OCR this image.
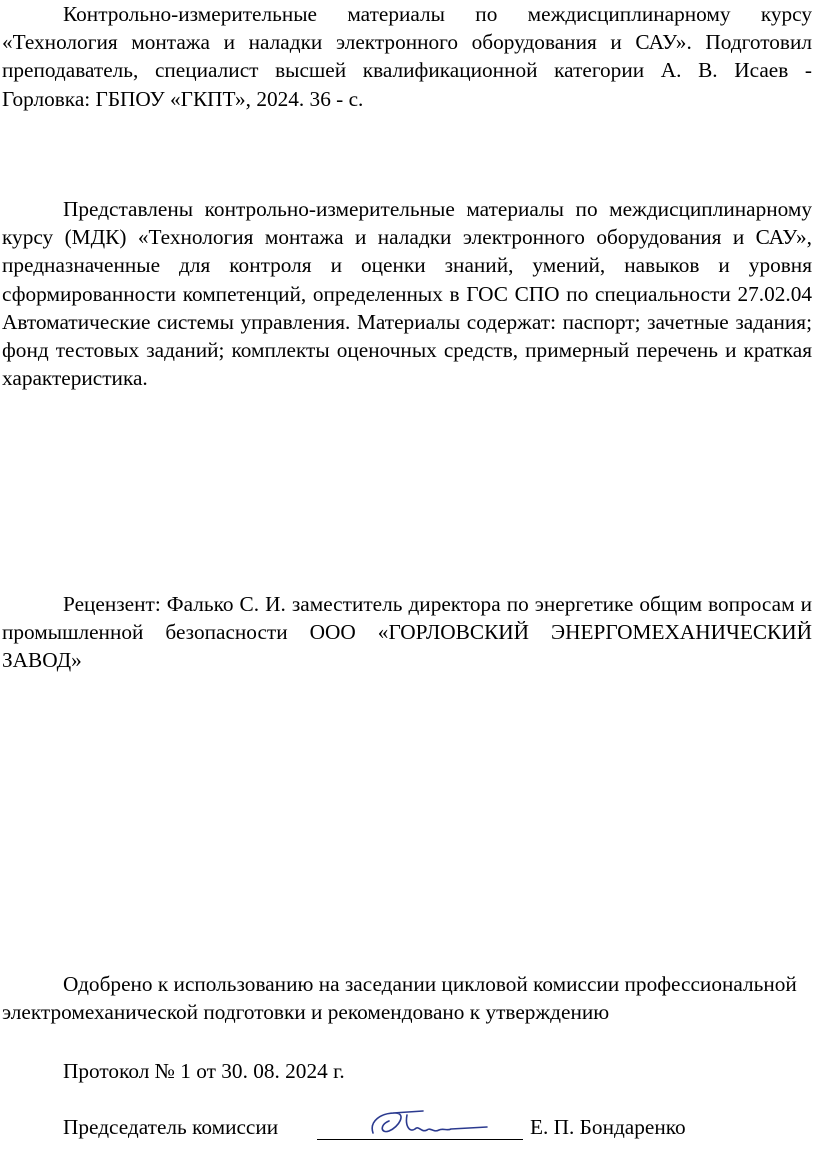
Контрольно-измерительные материалы по междисциплинарному курсу «Технология монтажа и наладки электронного оборудования и САУ». Подготовил преподаватель, специалист высшей квалификационной категории А. В. Исаев - Горловка: ГБПОУ «ГКПТ», 2024. 36 - с.

Представлены контрольно-измерительные материалы по междисциплинарному курсу (МДК) «Технология монтажа и наладки электронного оборудования и САУ», предназначенные для контроля и оценки знаний, умений, навыков и уровня сформированности компетенций, определенных в ГОС СПО по специальности 27.02.04 Автоматические системы управления. Материалы содержат: паспорт; зачетные задания; фонд тестовых заданий; комплекты оценочных средств, примерный перечень и краткая характеристика.

Рецензент: Фалько С. И. заместитель директора по энергетике общим вопросам и промышленной безопасности ООО «ГОРЛОВСКИЙ ЭНЕРГОМЕХАНИЧЕСКИЙ ЗАВОД»

Одобрено к использованию на заседании цикловой комиссии профессиональной электромеханической подготовки и рекомендовано к утверждению

Протокол № 1 от 30. 08. 2024 г.

Председатель комиссии	Е. П. Бондаренко
